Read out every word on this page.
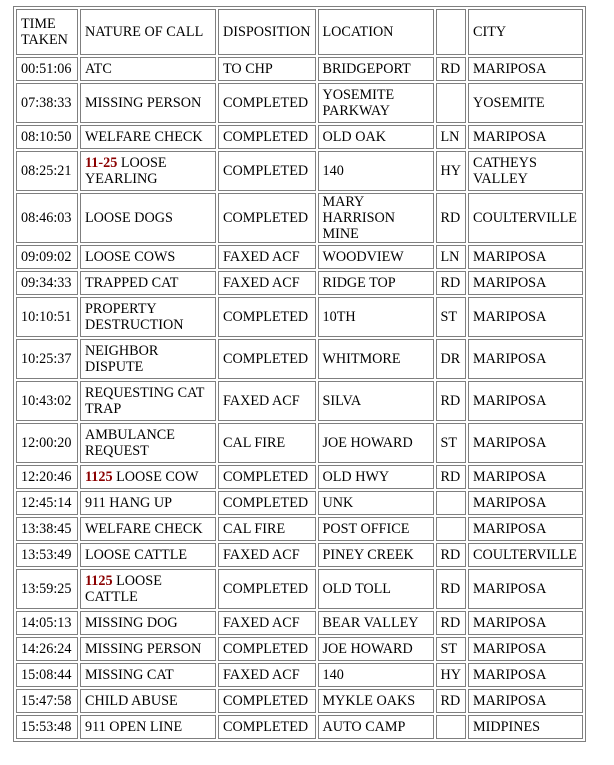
TIME TAKEN	NATURE OF CALL	DISPOSITION	LOCATION		CITY
00:51:06	ATC	TO CHP	BRIDGEPORT	RD	MARIPOSA
07:38:33	MISSING PERSON	COMPLETED	YOSEMITE PARKWAY		YOSEMITE
08:10:50	WELFARE CHECK	COMPLETED	OLD OAK	LN	MARIPOSA
08:25:21	11-25 LOOSE YEARLING	COMPLETED	140	HY	CATHEYS VALLEY
08:46:03	LOOSE DOGS	COMPLETED	MARY HARRISON MINE	RD	COULTERVILLE
09:09:02	LOOSE COWS	FAXED ACF	WOODVIEW	LN	MARIPOSA
09:34:33	TRAPPED CAT	FAXED ACF	RIDGE TOP	RD	MARIPOSA
10:10:51	PROPERTY DESTRUCTION	COMPLETED	10TH	ST	MARIPOSA
10:25:37	NEIGHBOR DISPUTE	COMPLETED	WHITMORE	DR	MARIPOSA
10:43:02	REQUESTING CAT TRAP	FAXED ACF	SILVA	RD	MARIPOSA
12:00:20	AMBULANCE REQUEST	CAL FIRE	JOE HOWARD	ST	MARIPOSA
12:20:46	1125 LOOSE COW	COMPLETED	OLD HWY	RD	MARIPOSA
12:45:14	911 HANG UP	COMPLETED	UNK		MARIPOSA
13:38:45	WELFARE CHECK	CAL FIRE	POST OFFICE		MARIPOSA
13:53:49	LOOSE CATTLE	FAXED ACF	PINEY CREEK	RD	COULTERVILLE
13:59:25	1125 LOOSE CATTLE	COMPLETED	OLD TOLL	RD	MARIPOSA
14:05:13	MISSING DOG	FAXED ACF	BEAR VALLEY	RD	MARIPOSA
14:26:24	MISSING PERSON	COMPLETED	JOE HOWARD	ST	MARIPOSA
15:08:44	MISSING CAT	FAXED ACF	140	HY	MARIPOSA
15:47:58	CHILD ABUSE	COMPLETED	MYKLE OAKS	RD	MARIPOSA
15:53:48	911 OPEN LINE	COMPLETED	AUTO CAMP		MIDPINES
